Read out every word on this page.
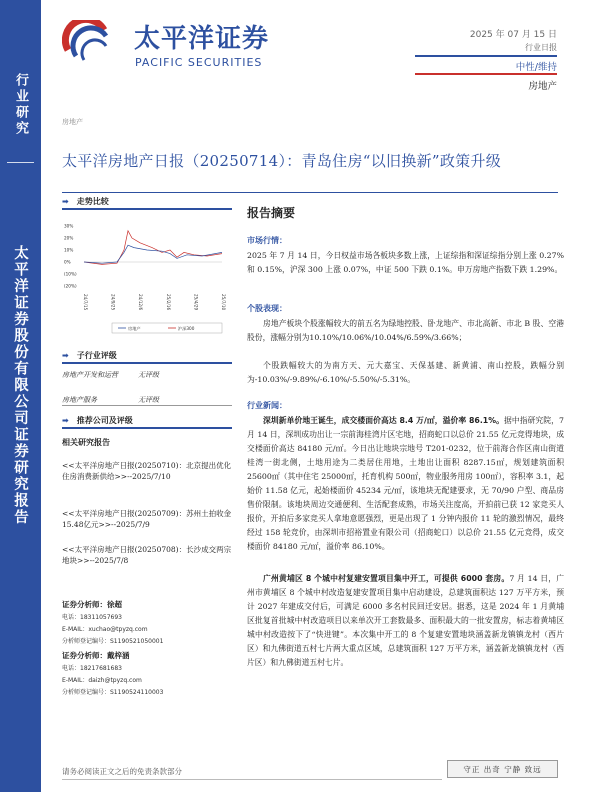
行业研究
太平洋证券股份有限公司证券研究报告
太平洋证券
PACIFIC SECURITIES
2025 年 07 月 15 日
行业日报
中性/维持
房地产
房地产
太平洋房地产日报（20250714）：青岛住房“以旧换新”政策升级
➡ 走势比较
30%
20%
10%
0%
(10%)
(20%)
24/7/15	24/9/25	24/12/6	25/2/16	25/4/29	25/7/10
房地产	沪深300
➡ 子行业评级
房地产开发和运营	无评级
房地产服务	无评级
➡ 推荐公司及评级
相关研究报告
<<太平洋房地产日报(20250710)：北京提出优化住房消费新供给>>--2025/7/10
<<太平洋房地产日报(20250709)：苏州土拍收金15.48亿元>>--2025/7/9
<<太平洋房地产日报(20250708)：长沙成交两宗地块>>--2025/7/8
证券分析师：徐超
电话：18311057693
E-MAIL：xuchao@tpyzq.com
分析师登记编号：S1190521050001
证券分析师：戴梓涵
电话：18217681683
E-MAIL：daizh@tpyzq.com
分析师登记编号：S1190524110003
报告摘要
市场行情：
2025 年 7 月 14 日，今日权益市场各板块多数上涨，上证综指和深证综指分别上涨 0.27%和 0.15%，沪深 300 上涨 0.07%，中证 500 下跌 0.1%。申万房地产指数下跌 1.29%。
个股表现：
房地产板块个股涨幅较大的前五名为绿地控股、卧龙地产、市北高新、市北 B 股、空港股份，涨幅分别为10.10%/10.06%/10.04%/6.59%/3.66%；
个股跌幅较大的为南方天、元大嘉宝、天保基建、新黄浦、南山控股，跌幅分别为-10.03%/-9.89%/-6.10%/-5.50%/-5.31%。
行业新闻：
深圳新单价地王诞生，成交楼面价高达 8.4 万/㎡，溢价率 86.1%。据中指研究院，7 月 14 日，深圳成功出让一宗前海桂湾片区宅地，招商蛇口以总价 21.55 亿元竞得地块，成交楼面价高达 84180 元/㎡。今日出让地块宗地号 T201-0232，位于前海合作区南山街道桂湾一街北侧，土地用途为二类居住用地，土地出让面积 8287.15㎡，规划建筑面积 25600㎡（其中住宅 25000㎡，托育机构 500㎡，物业服务用房 100㎡），容积率 3.1，起始价 11.58 亿元，起始楼面价 45234 元/㎡，该地块无配建要求，无 70/90 户型、商品房售价限制。该地块周边交通便利、生活配套成熟，市场关注度高，开拍前已获 12 家竞买人报价，开拍后多家竞买人拿地意愿强烈，更是出现了 1 分钟内报价 11 轮的激烈情况，最终经过 158 轮竞价，由深圳市招裕置业有限公司（招商蛇口）以总价 21.55 亿元竞得，成交楼面价 84180 元/㎡，溢价率 86.10%。
广州黄埔区 8 个城中村复建安置项目集中开工，可提供 6000 套房。7 月 14 日，广州市黄埔区 8 个城中村改造复建安置项目集中启动建设，总建筑面积达 127 万平方米，预计 2027 年建成交付后，可满足 6000 多名村民回迁安居。据悉，这是 2024 年 1 月黄埔区批复首批城中村改造项目以来单次开工套数最多、面积最大的一批安置房，标志着黄埔区城中村改造按下了“快进键”。本次集中开工的 8 个复建安置地块涵盖新龙镇镇龙村（西片区）和九佛街道五村七片两大重点区域，总建筑面积 127 万平方米，涵盖新龙镇镇龙村（西片区）和九佛街道五村七片。
请务必阅读正文之后的免责条款部分	守正 出奇 宁静 致远
